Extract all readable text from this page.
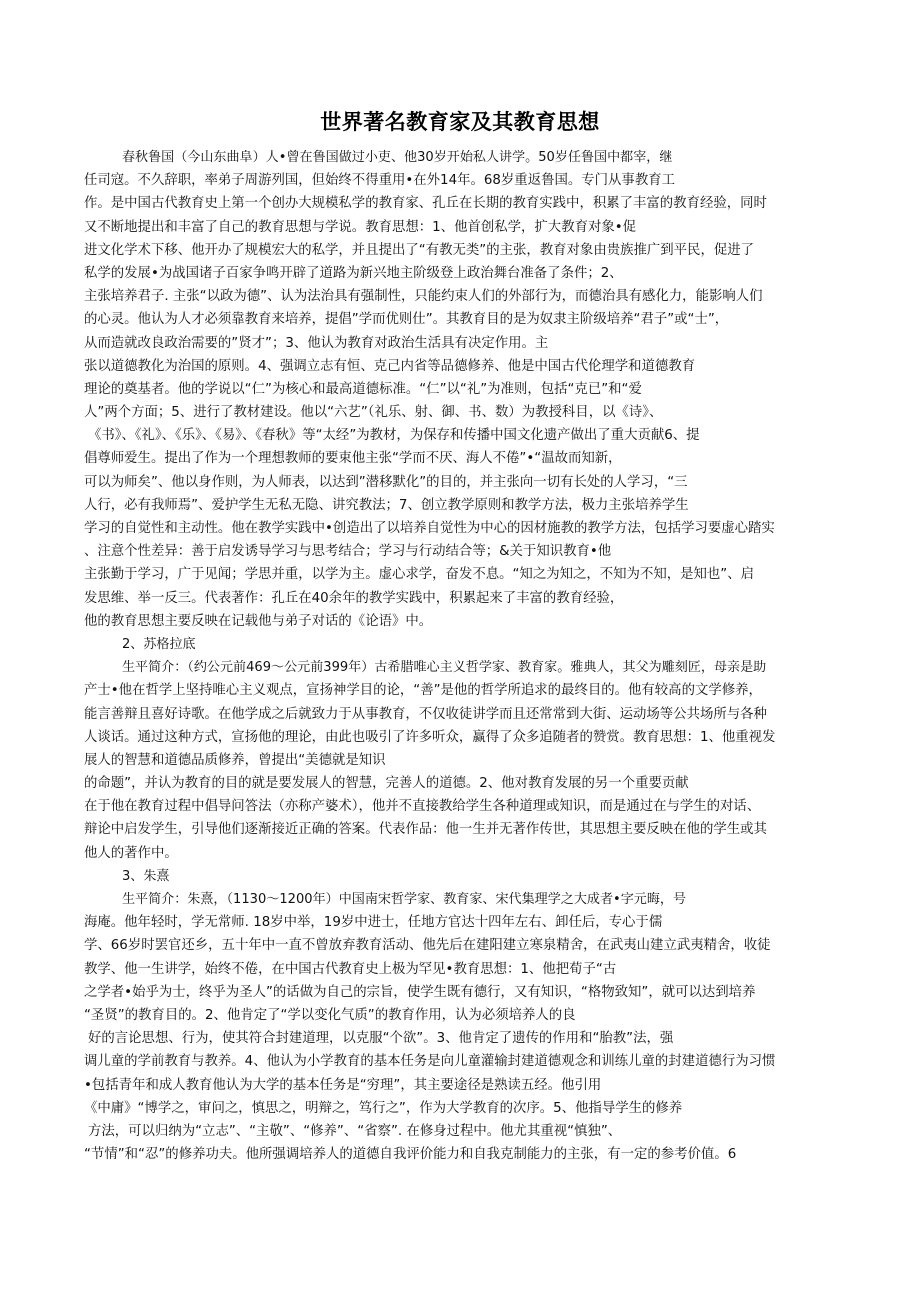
世界著名教育家及其教育思想
春秋鲁国（今山东曲阜）人•曾在鲁国做过小吏、他30岁开始私人讲学。50岁任鲁国中都宰，继
任司寇。不久辞职，率弟子周游列国，但始终不得重用•在外14年。68岁重返鲁国。专门从事教育工
作。是中国古代教育史上第一个创办大规模私学的教育家、孔丘在长期的教育实践中，积累了丰富的教育经验，同时
又不断地提出和丰富了自己的教育思想与学说。教育思想：1、他首创私学，扩大教育对象•促
进文化学术下移、他开办了规模宏大的私学，并且提出了“有教无类”的主张，教育对象由贵族推广到平民，促进了
私学的发展•为战国诸子百家争鸣开辟了道路为新兴地主阶级登上政治舞台准备了条件；2、
主张培养君子. 主张“以政为德”、认为法治具有强制性，只能约束人们的外部行为，而德治具有感化力，能影响人们
的心灵。他认为人才必须靠教育来培养，提倡”学而优则仕”。其教育目的是为奴隶主阶级培养“君子”或“士”，
从而造就改良政治需要的”贤才”；3、他认为教育对政治生活具有决定作用。主
张以道德教化为治国的原则。4、强调立志有恒、克己内省等品德修养、他是中国古代伦理学和道德教育
理论的奠基者。他的学说以“仁”为核心和最高道德标准。“仁”以“礼”为准则，包括“克已”和“爱
人”两个方面；5、进行了教材建设。他以“六艺”（礼乐、射、御、书、数）为教授科目，以《诗》、
《书》、《礼》、《乐》、《易》、《春秋》等“太经”为教材，为保存和传播中国文化遗产做出了重大贡献6、提
倡尊师爱生。提出了作为一个理想教师的要束他主张“学而不厌、海人不倦”•“温故而知新，
可以为师矣”、他以身作则，为人师表，以达到”潜移默化”的目的，并主张向一切有长处的人学习，“三
人行，必有我师焉”、爱护学生无私无隐、讲究教法；7、创立教学原则和教学方法，极力主张培养学生
学习的自觉性和主动性。他在教学实践中•创造出了以培养自觉性为中心的因材施教的教学方法，包括学习要虚心踏实
、注意个性差异：善于启发诱导学习与思考结合；学习与行动结合等；&关于知识教育•他
主张勤于学习，广于见闻；学思并重，以学为主。虚心求学，奋发不息。“知之为知之，不知为不知，是知也”、启
发思维、举一反三。代表著作：孔丘在40余年的教学实践中，积累起来了丰富的教育经验，
他的教育思想主要反映在记载他与弟子对话的《论语》中。
2、苏格拉底
生平简介：（约公元前469〜公元前399年）古希腊唯心主义哲学家、教育家。雅典人，其父为雕刻匠，母亲是助
产士•他在哲学上坚持唯心主义观点，宣扬神学目的论，“善”是他的哲学所追求的最终目的。他有较高的文学修养，
能言善辩且喜好诗歌。在他学成之后就致力于从事教育，不仅收徒讲学而且还常常到大街、运动场等公共场所与各种
人谈话。通过这种方式，宣扬他的理论，由此也吸引了许多听众，赢得了众多追随者的赞赏。教育思想：1、他重视发
展人的智慧和道德品质修养，曾提出“美德就是知识
的命题”，并认为教育的目的就是要发展人的智慧，完善人的道德。2、他对教育发展的另一个重要贡献
在于他在教育过程中倡导问答法（亦称产婆术），他并不直接教给学生各种道理或知识，而是通过在与学生的对话、
辩论中启发学生，引导他们逐渐接近正确的答案。代表作品：他一生并无著作传世，其思想主要反映在他的学生或其
他人的著作中。
3、朱熹
生平简介：朱熹，（1130〜1200年）中国南宋哲学家、教育家、宋代集理学之大成者•字元晦，号
海庵。他年轻时，学无常师. 18岁中举，19岁中进士，任地方官达十四年左右、卸任后，专心于儒
学、66岁时罢官还乡，五十年中一直不曾放弃教育活动、他先后在建阳建立寒泉精舍，在武夷山建立武夷精舍，收徒
教学、他一生讲学，始终不倦，在中国古代教育史上极为罕见•教育思想：1、他把荀子“古
之学者•始乎为士，终乎为圣人”的话做为自己的宗旨，使学生既有德行，又有知识，“格物致知”，就可以达到培养
“圣贤”的教育目的。2、他肯定了“学以变化气质”的教育作用，认为必须培养人的良
好的言论思想、行为，使其符合封建道理，以克服“个欲”。3、他肯定了遗传的作用和“胎教”法，强
调儿童的学前教育与教养。4、他认为小学教育的基本任务是向儿童灌输封建道德观念和训练儿童的封建道德行为习惯
•包括青年和成人教育他认为大学的基本任务是“穷理”，其主要途径是熟读五经。他引用
《中庸》“博学之，审问之，慎思之，明辩之，笃行之”，作为大学教育的次序。5、他指导学生的修养
方法，可以归纳为“立志”、“主敬”、“修养”、“省察”. 在修身过程中。他尤其重视“慎独”、
“节情”和“忍”的修养功夫。他所强调培养人的道德自我评价能力和自我克制能力的主张，有一定的参考价值。6
